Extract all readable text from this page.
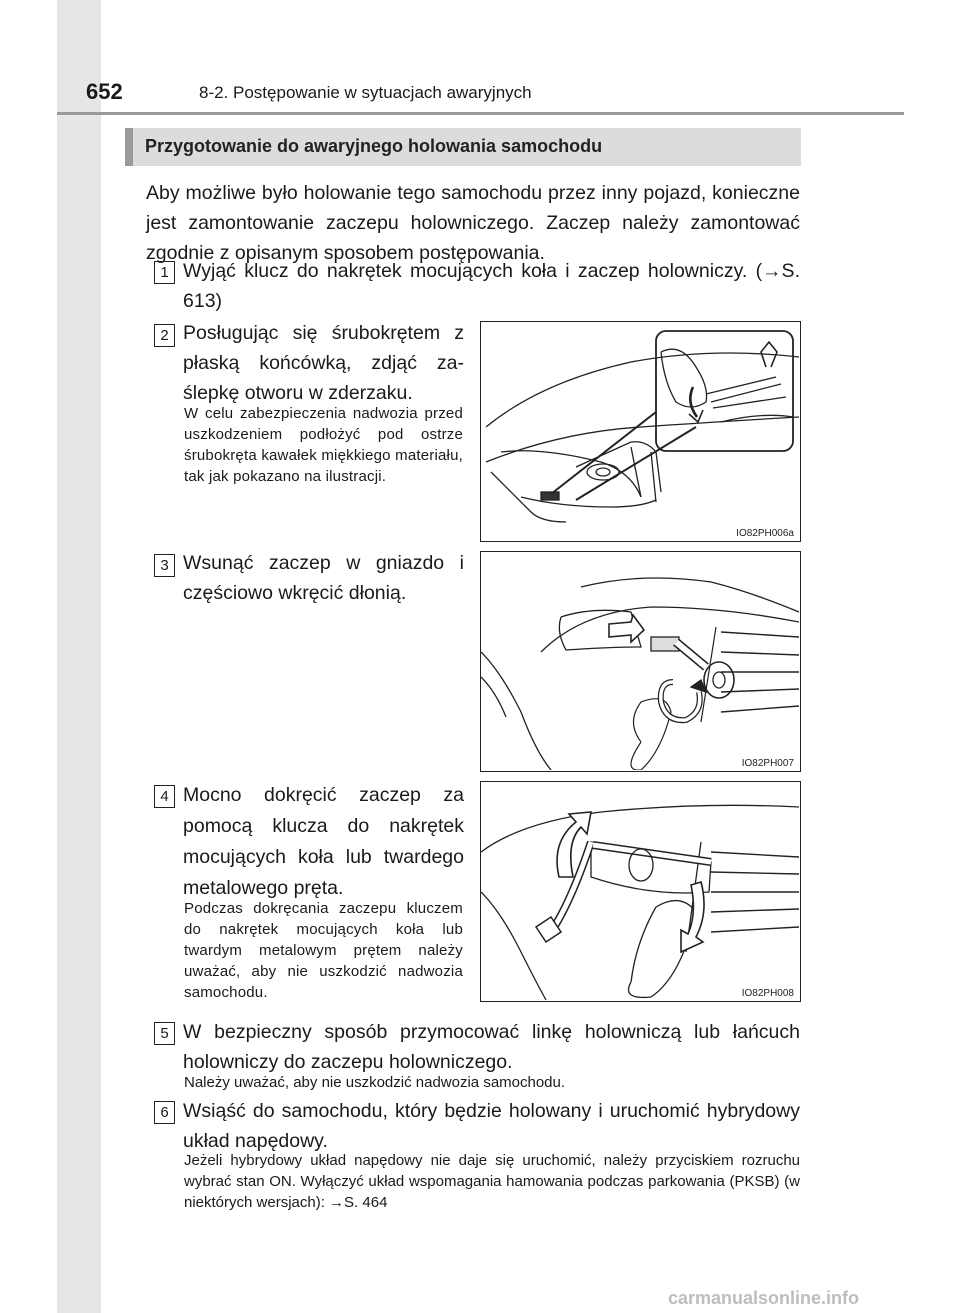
652	8-2. Postępowanie w sytuacjach awaryjnych
Przygotowanie do awaryjnego holowania samochodu
Aby możliwe było holowanie tego samochodu przez inny pojazd, konieczne jest zamontowanie zaczepu holowniczego. Zaczep należy zamontować zgodnie z opisanym sposobem postępowania.
1 Wyjąć klucz do nakrętek mocujących koła i zaczep holowniczy. (→S. 613)
2 Posługując się śrubokrętem z płaską końcówką, zdjąć zaślepkę otworu w zderzaku.
W celu zabezpieczenia nadwozia przed uszkodzeniem podłożyć pod ostrze śrubokręta kawałek miękkiego materiału, tak jak pokazano na ilustracji.
IO82PH006a
3 Wsunąć zaczep w gniazdo i częściowo wkręcić dłonią.
IO82PH007
4 Mocno dokręcić zaczep za pomocą klucza do nakrętek mocujących koła lub twardego metalowego pręta.
Podczas dokręcania zaczepu kluczem do nakrętek mocujących koła lub twardym metalowym prętem należy uważać, aby nie uszkodzić nadwozia samochodu.	IO82PH008
5 W bezpieczny sposób przymocować linkę holowniczą lub łańcuch holowniczy do zaczepu holowniczego.
Należy uważać, aby nie uszkodzić nadwozia samochodu.
6 Wsiąść do samochodu, który będzie holowany i uruchomić hybrydowy układ napędowy.
Jeżeli hybrydowy układ napędowy nie daje się uruchomić, należy przyciskiem rozruchu wybrać stan ON. Wyłączyć układ wspomagania hamowania podczas parkowania (PKSB) (w niektórych wersjach): →S. 464
carmanualsonline.info
